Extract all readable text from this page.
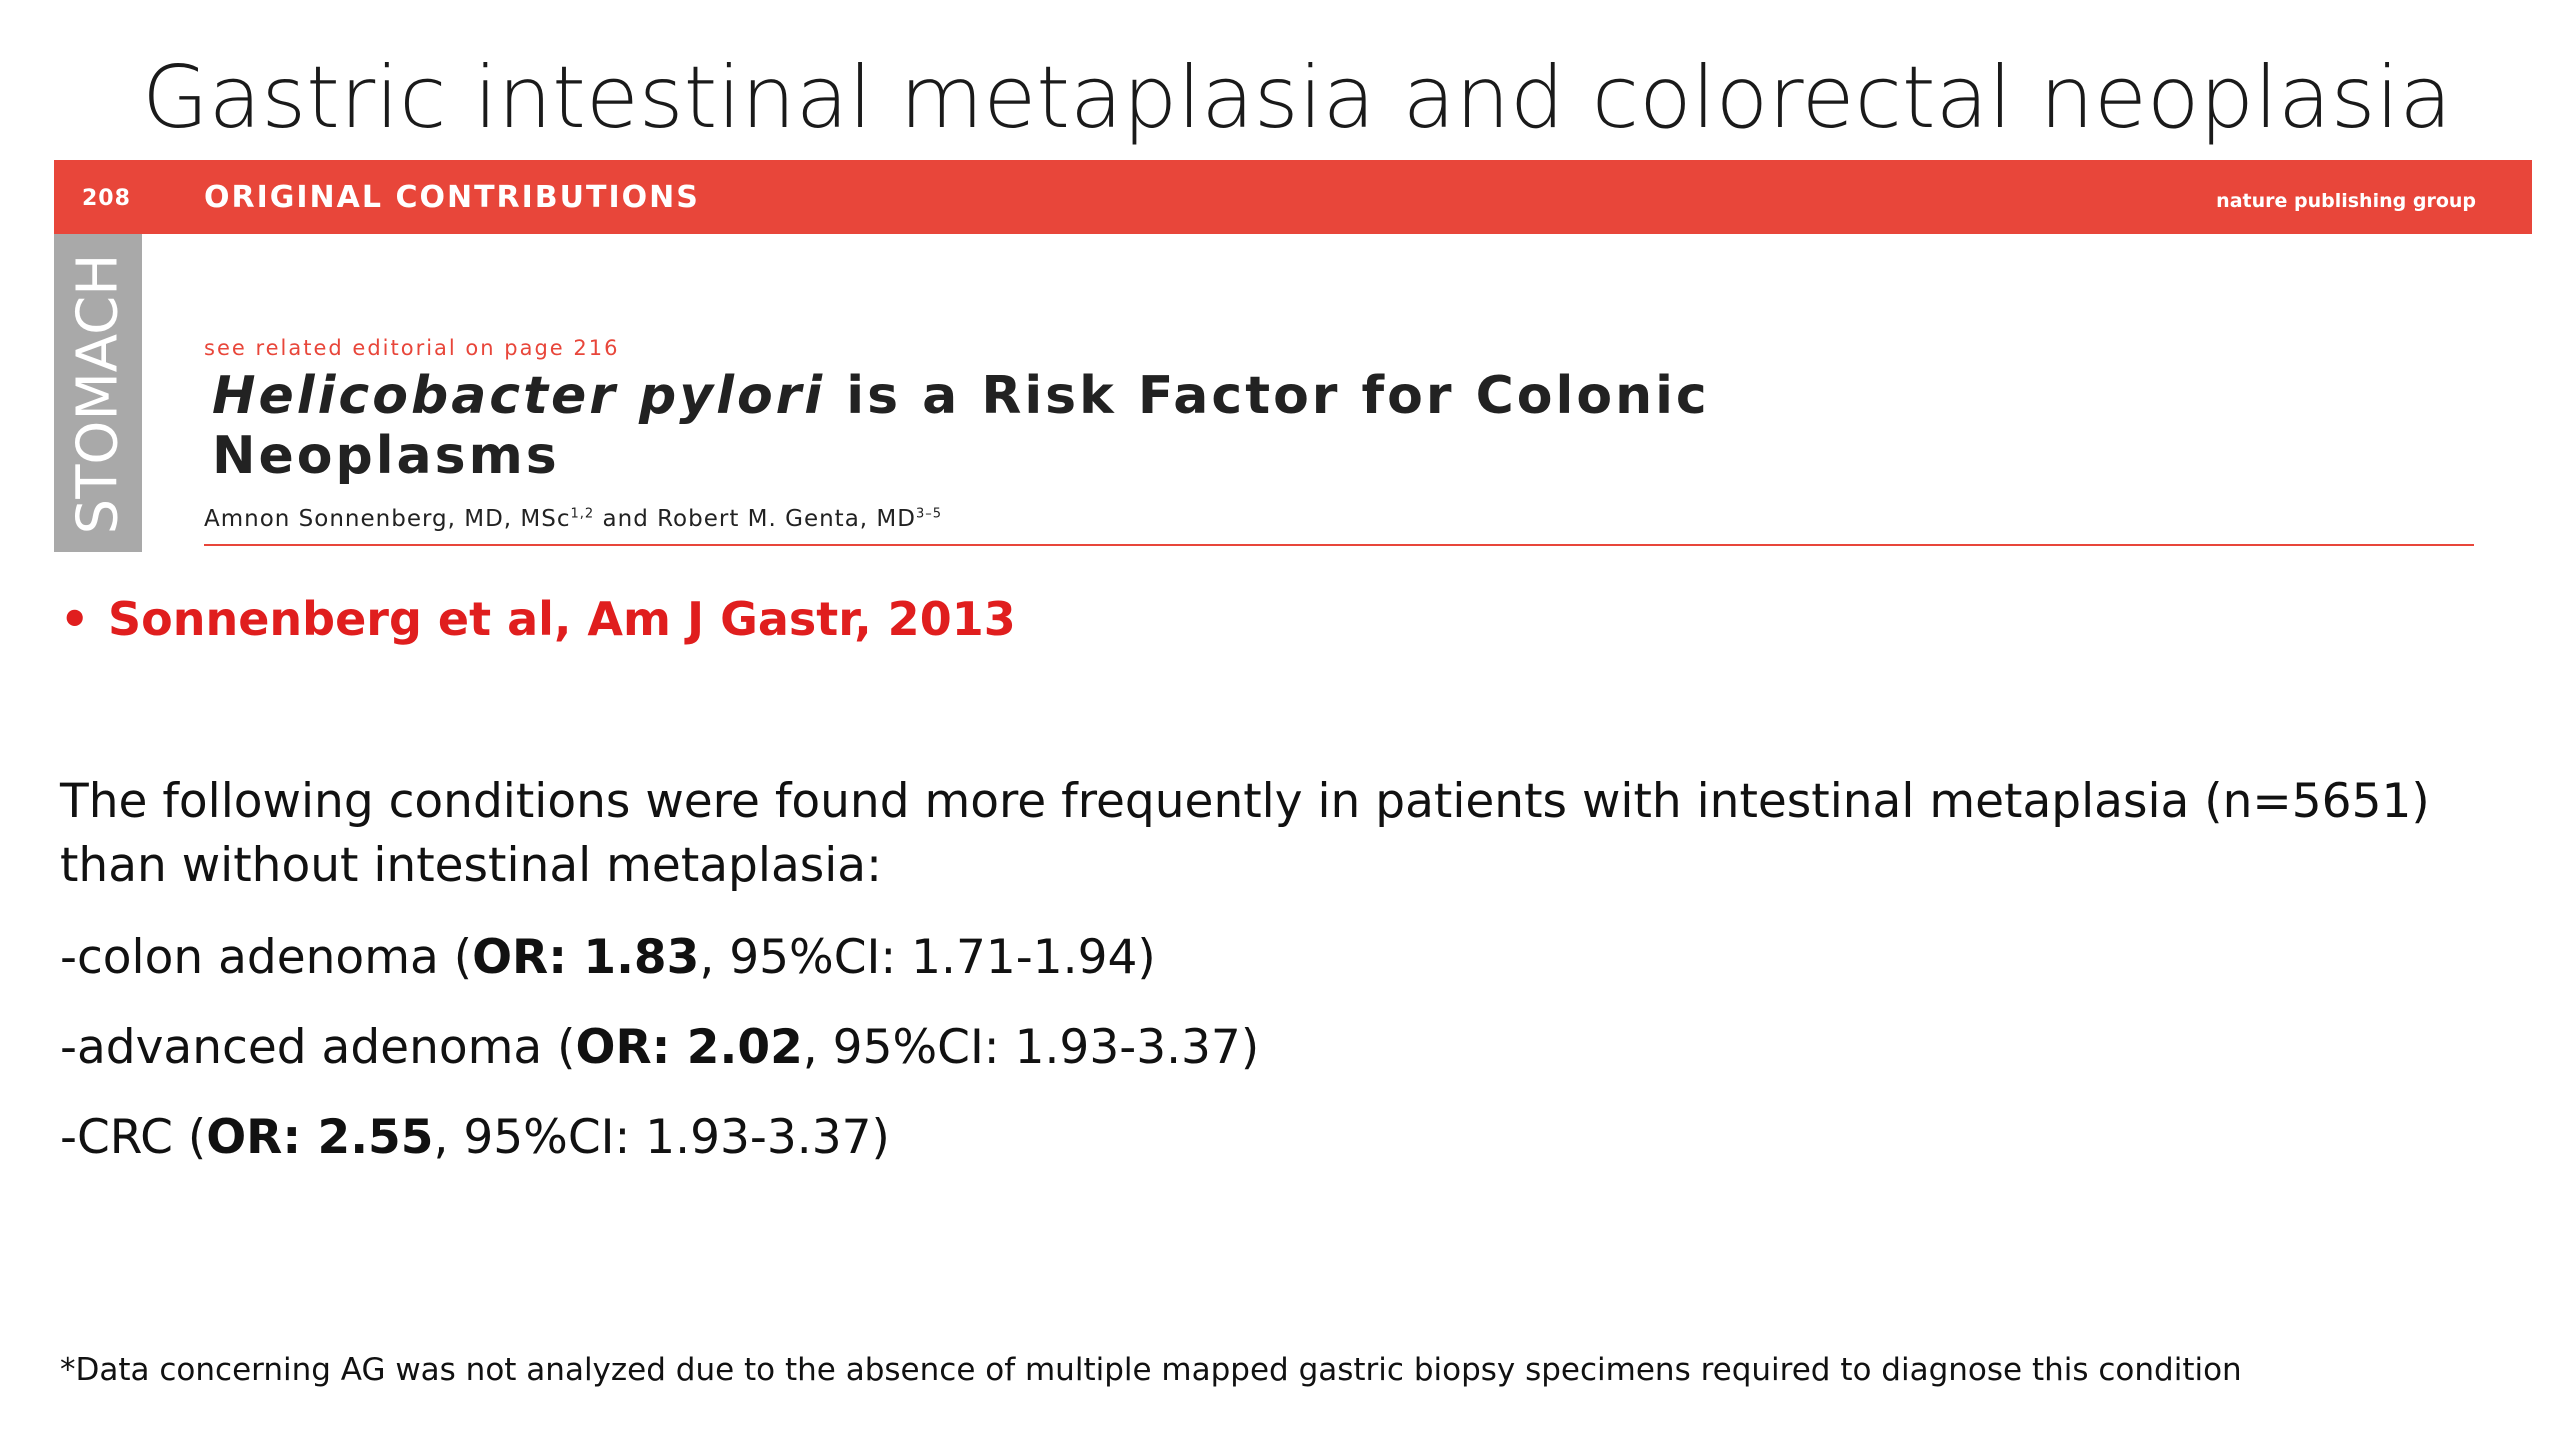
Gastric intestinal metaplasia and colorectal neoplasia
208 ORIGINAL CONTRIBUTIONS	nature publishing group
STOMACH	see related editorial on page 216
Helicobacter pylori is a Risk Factor for Colonic
Neoplasms
Amnon Sonnenberg, MD, MSc$^{1,2}$ and Robert M. Genta, MD$^{3-5}$
• Sonnenberg et al, Am J Gastr, 2013
The following conditions were found more frequently in patients with intestinal metaplasia (n=5651) than without intestinal metaplasia:
-colon adenoma (OR: 1.83, 95%CI: 1.71-1.94)
-advanced adenoma (OR: 2.02, 95%CI: 1.93-3.37)
-CRC (OR: 2.55, 95%CI: 1.93-3.37)
*Data concerning AG was not analyzed due to the absence of multiple mapped gastric biopsy specimens required to diagnose this condition
